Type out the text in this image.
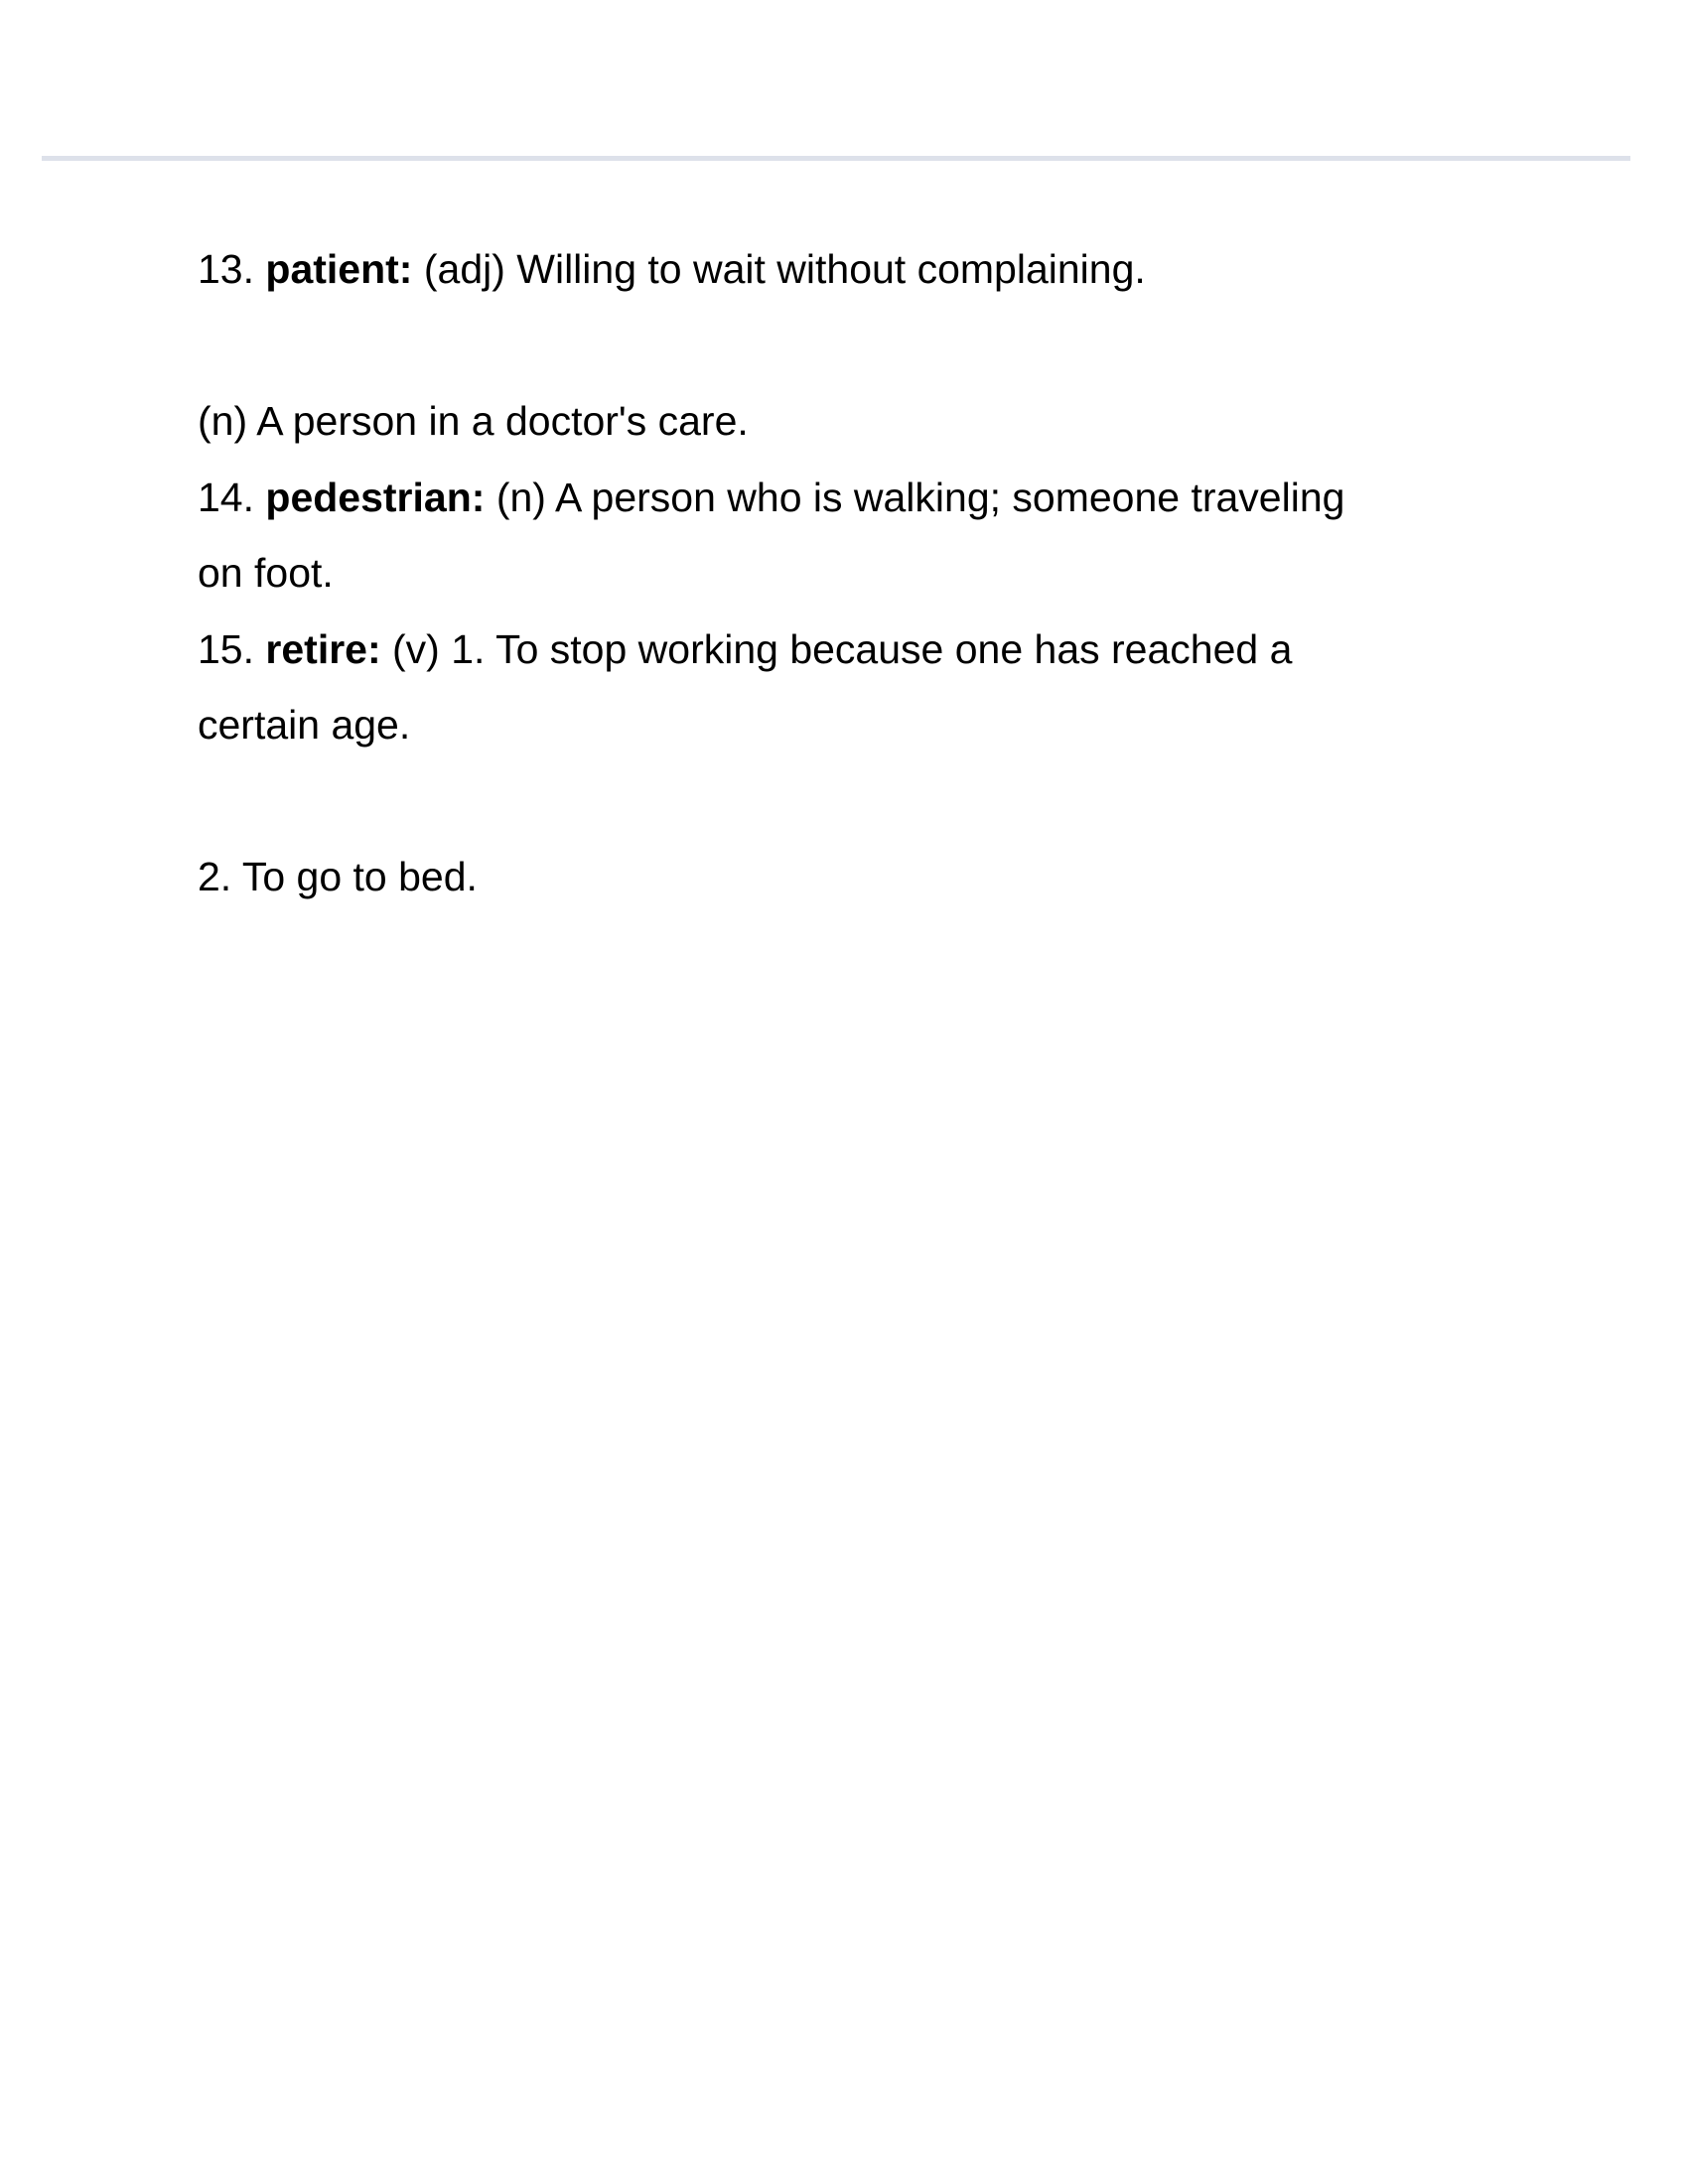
13. patient: (adj) Willing to wait without complaining.
(n) A person in a doctor's care.
14. pedestrian: (n) A person who is walking; someone traveling
on foot.
15. retire: (v) 1. To stop working because one has reached a
certain age.
2. To go to bed.
